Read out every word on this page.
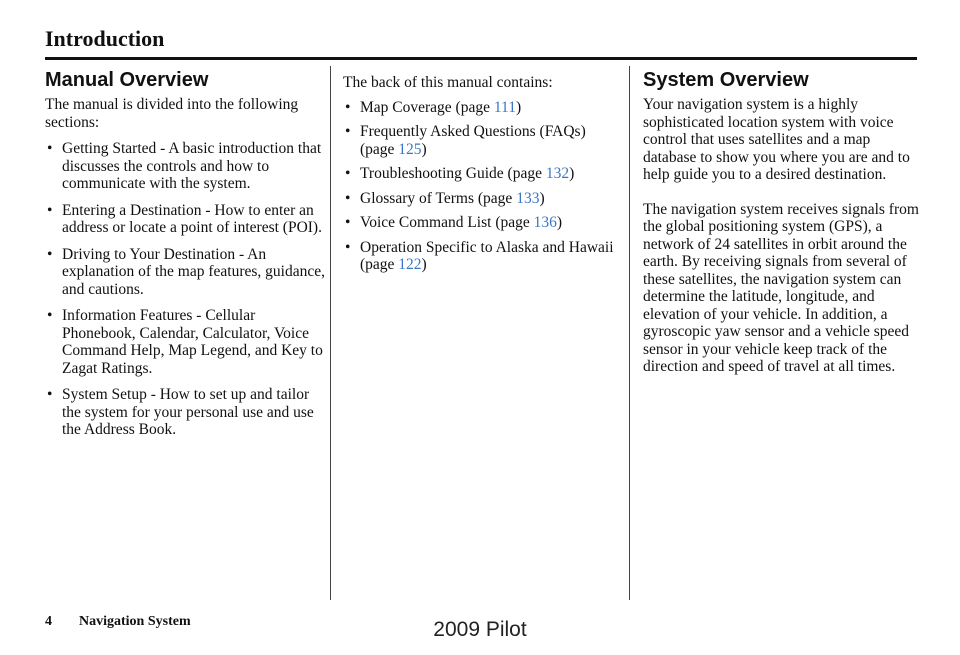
Introduction
Manual Overview

The manual is divided into the following sections:

• Getting Started - A basic introduction that discusses the controls and how to communicate with the system.
• Entering a Destination - How to enter an address or locate a point of interest (POI).
• Driving to Your Destination - An explanation of the map features, guidance, and cautions.
• Information Features - Cellular Phonebook, Calendar, Calculator, Voice Command Help, Map Legend, and Key to Zagat Ratings.
• System Setup - How to set up and tailor the system for your personal use and use the Address Book.

The back of this manual contains:

• Map Coverage (page 111)
• Frequently Asked Questions (FAQs) (page 125)
• Troubleshooting Guide (page 132)
• Glossary of Terms (page 133)
• Voice Command List (page 136)
• Operation Specific to Alaska and Hawaii (page 122)
System Overview

Your navigation system is a highly sophisticated location system with voice control that uses satellites and a map database to show you where you are and to help guide you to a desired destination.

The navigation system receives signals from the global positioning system (GPS), a network of 24 satellites in orbit around the earth. By receiving signals from several of these satellites, the navigation system can determine the latitude, longitude, and elevation of your vehicle. In addition, a gyroscopic yaw sensor and a vehicle speed sensor in your vehicle keep track of the direction and speed of travel at all times.

4 Navigation System	2009 Pilot
